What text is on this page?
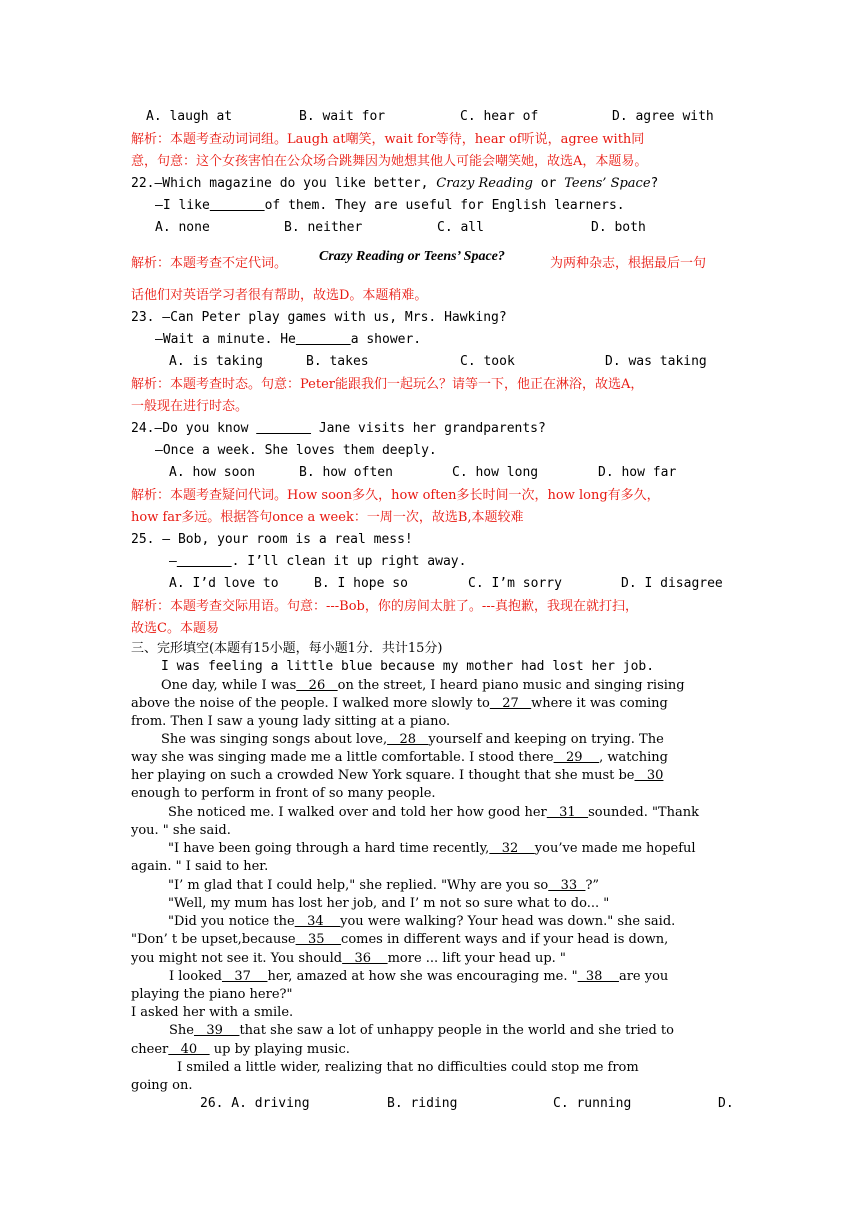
A. laugh at	B. wait for	C. hear of	D. agree with
解析：本题考查动词词组。Laugh at嘲笑，wait for等待，hear of听说，agree with同
意，句意：这个女孩害怕在公众场合跳舞因为她想其他人可能会嘲笑她，故选A，本题易。
22.—Which magazine do you like better, Crazy Reading or Teens’ Space?
—I like	of them. They are useful for English learners.
A. none	B. neither	C. all	D. both
解析：本题考查不定代词。 Crazy Reading or Teens’ Space?	为两种杂志，根据最后一句
话他们对英语学习者很有帮助，故选D。本题稍难。
23. —Can Peter play games with us, Mrs. Hawking?
—Wait a minute. He	a shower.
A. is taking	B. takes	C. took	D. was taking
解析：本题考查时态。句意：Peter能跟我们一起玩么？请等一下，他正在淋浴，故选A，
一般现在进行时态。
24.—Do you know	Jane visits her grandparents?
—Once a week. She loves them deeply.
A. how soon	B. how often	C. how long	D. how far
解析：本题考查疑问代词。How soon多久，how often多长时间一次，how long有多久，
how far多远。根据答句once a week：一周一次，故选B,本题较难
25. — Bob, your room is a real mess!
—	. I’ll clean it up right away.
A. I’d love to	B. I hope so	C. I’m sorry	D. I disagree
解析：本题考查交际用语。句意：---Bob，你的房间太脏了。---真抱歉，我现在就打扫，
故选C。本题易
三、完形填空(本题有15小题，每小题1分．共计15分)
I was feeling a little blue because my mother had lost her job.
One day, while I was   26   on the street, I heard piano music and singing rising
above the noise of the people. I walked more slowly to   27   where it was coming
from. Then I saw a young lady sitting at a piano.
She was singing songs about love,   28   yourself and keeping on trying. The
way she was singing made me a little comfortable. I stood there   29    , watching
her playing on such a crowded New York square. I thought that she must be   30
enough to perform in front of so many people.
She noticed me. I walked over and told her how good her   31   sounded. "Thank
you. " she said.
"I have been going through a hard time recently,   32    you’ve made me hopeful
again. " I said to her.
"I’ m glad that I could help," she replied. "Why are you so   33  ?”
"Well, my mum has lost her job, and I’ m not so sure what to do... "
"Did you notice the   34    you were walking? Your head was down." she said.
"Don’ t be upset,because   35    comes in different ways and if your head is down,
you might not see it. You should   36    more ... lift your head up. "
I looked   37    her, amazed at how she was encouraging me. "  38    are you
playing the piano here?"
I asked her with a smile.
She   39    that she saw a lot of unhappy people in the world and she tried to
cheer   40    up by playing music.
I smiled a little wider, realizing that no difficulties could stop me from
going on.
26. A. driving	B. riding	C. running	D.
